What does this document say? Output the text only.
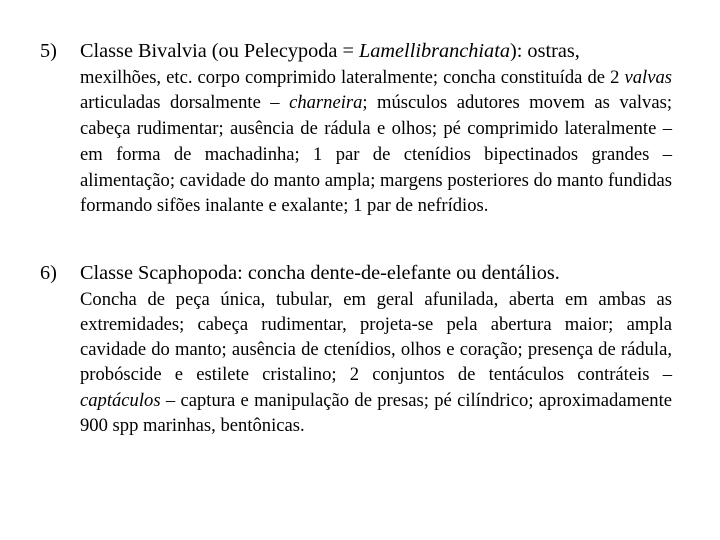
5)	Classe Bivalvia (ou Pelecypoda = Lamellibranchiata): ostras,
mexilhões, etc. corpo comprimido lateralmente; concha constituída de 2 valvas articuladas dorsalmente – charneira; músculos adutores movem as valvas; cabeça rudimentar; ausência de rádula e olhos; pé comprimido lateralmente – em forma de machadinha; 1 par de ctenídios bipectinados grandes – alimentação; cavidade do manto ampla; margens posteriores do manto fundidas formando sifões inalante e exalante; 1 par de nefrídios.
6)	Classe Scaphopoda: concha dente-de-elefante ou dentálios.
Concha de peça única, tubular, em geral afunilada, aberta em ambas as extremidades; cabeça rudimentar, projeta-se pela abertura maior; ampla cavidade do manto; ausência de ctenídios, olhos e coração; presença de rádula, probóscide e estilete cristalino; 2 conjuntos de tentáculos contráteis – captáculos – captura e manipulação de presas; pé cilíndrico; aproximadamente 900 spp marinhas, bentônicas.
